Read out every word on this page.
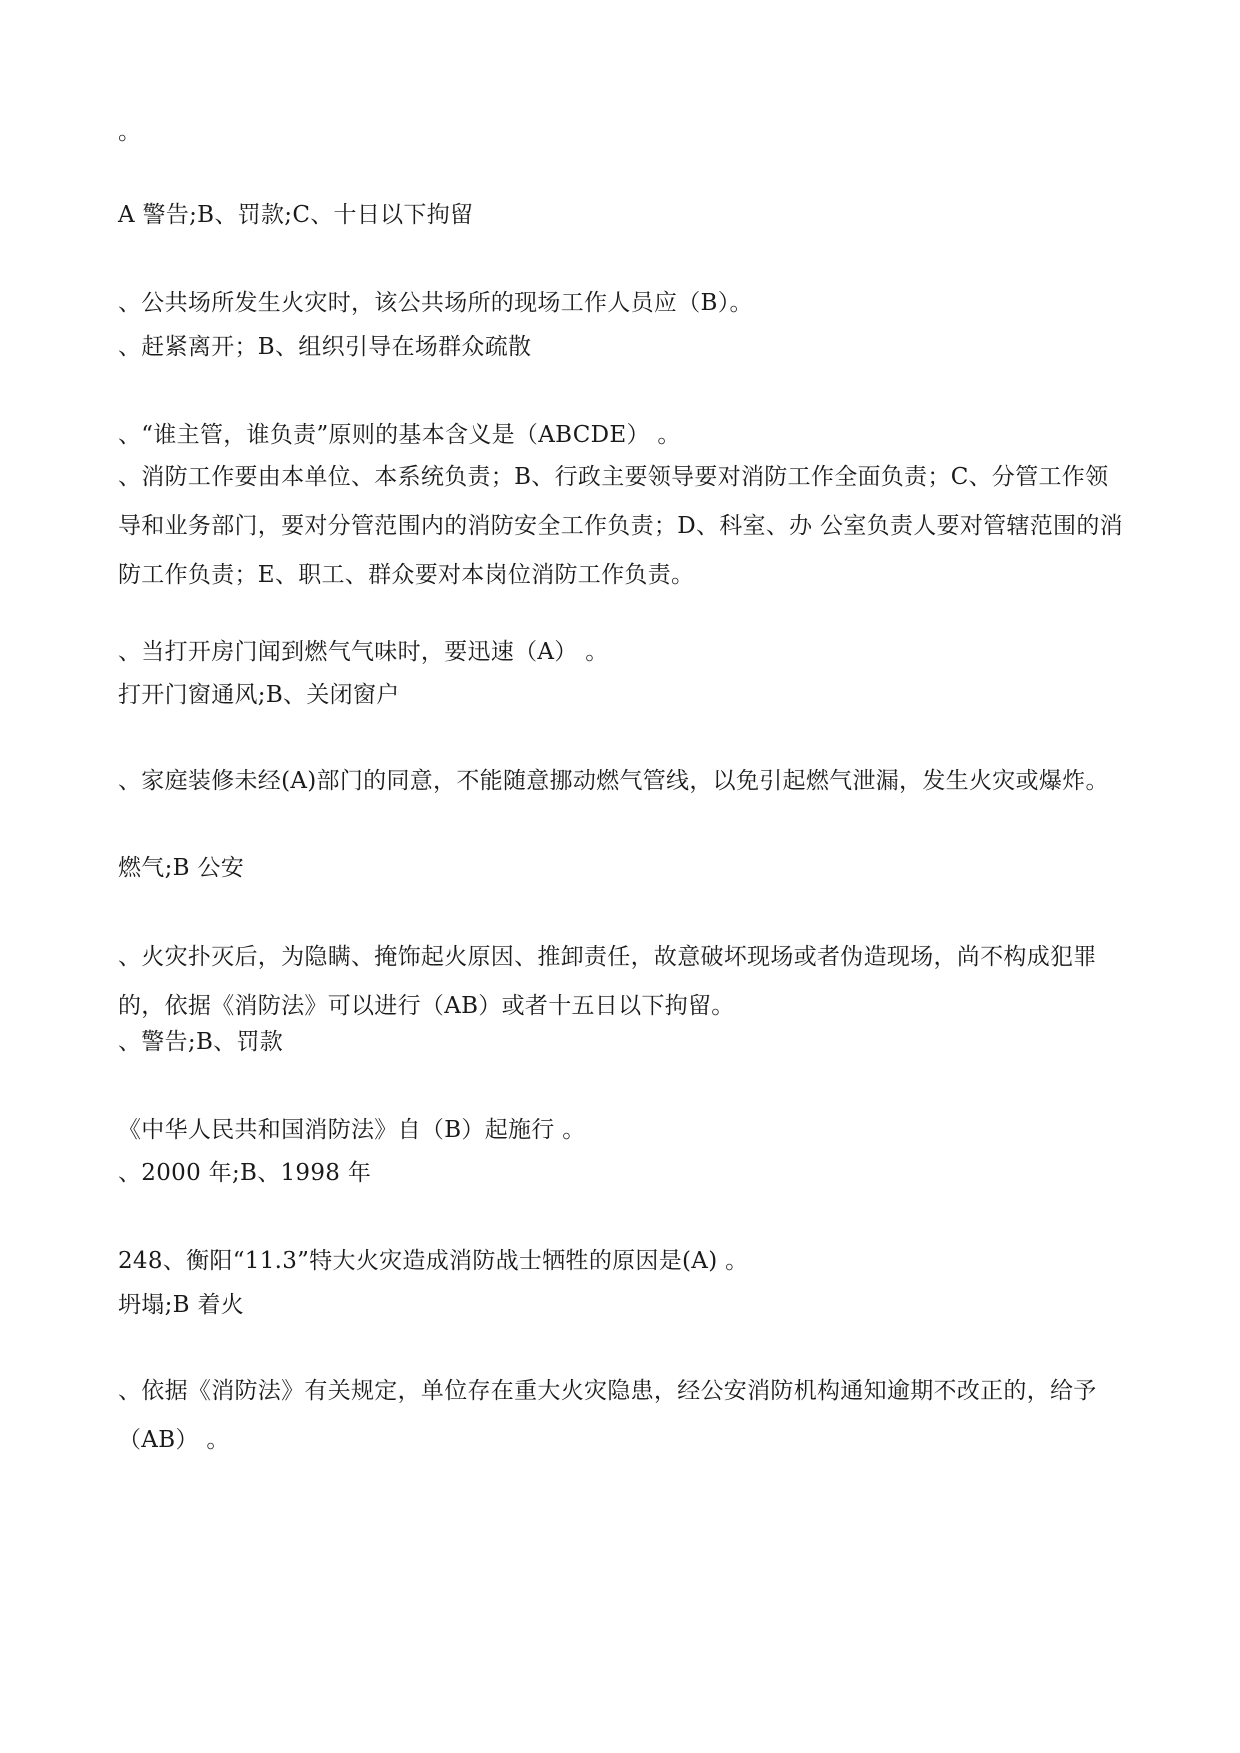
。
A 警告;B、罚款;C、十日以下拘留
、公共场所发生火灾时，该公共场所的现场工作人员应（B）。
、赶紧离开；B、组织引导在场群众疏散
、“谁主管，谁负责”原则的基本含义是（ABCDE） 。
、消防工作要由本单位、本系统负责；B、行政主要领导要对消防工作全面负责；C、分管工作领导和业务部门，要对分管范围内的消防安全工作负责；D、科室、办 公室负责人要对管辖范围的消防工作负责；E、职工、群众要对本岗位消防工作负责。
、当打开房门闻到燃气气味时，要迅速（A） 。
打开门窗通风;B、关闭窗户
、家庭装修未经(A)部门的同意，不能随意挪动燃气管线，以免引起燃气泄漏，发生火灾或爆炸。
燃气;B 公安
、火灾扑灭后，为隐瞒、掩饰起火原因、推卸责任，故意破坏现场或者伪造现场，尚不构成犯罪的，依据《消防法》可以进行（AB）或者十五日以下拘留。
、警告;B、罚款
《中华人民共和国消防法》自（B）起施行 。
、2000 年;B、1998 年
248、衡阳“11.3”特大火灾造成消防战士牺牲的原因是(A) 。
坍塌;B 着火
、依据《消防法》有关规定，单位存在重大火灾隐患，经公安消防机构通知逾期不改正的，给予（AB） 。
